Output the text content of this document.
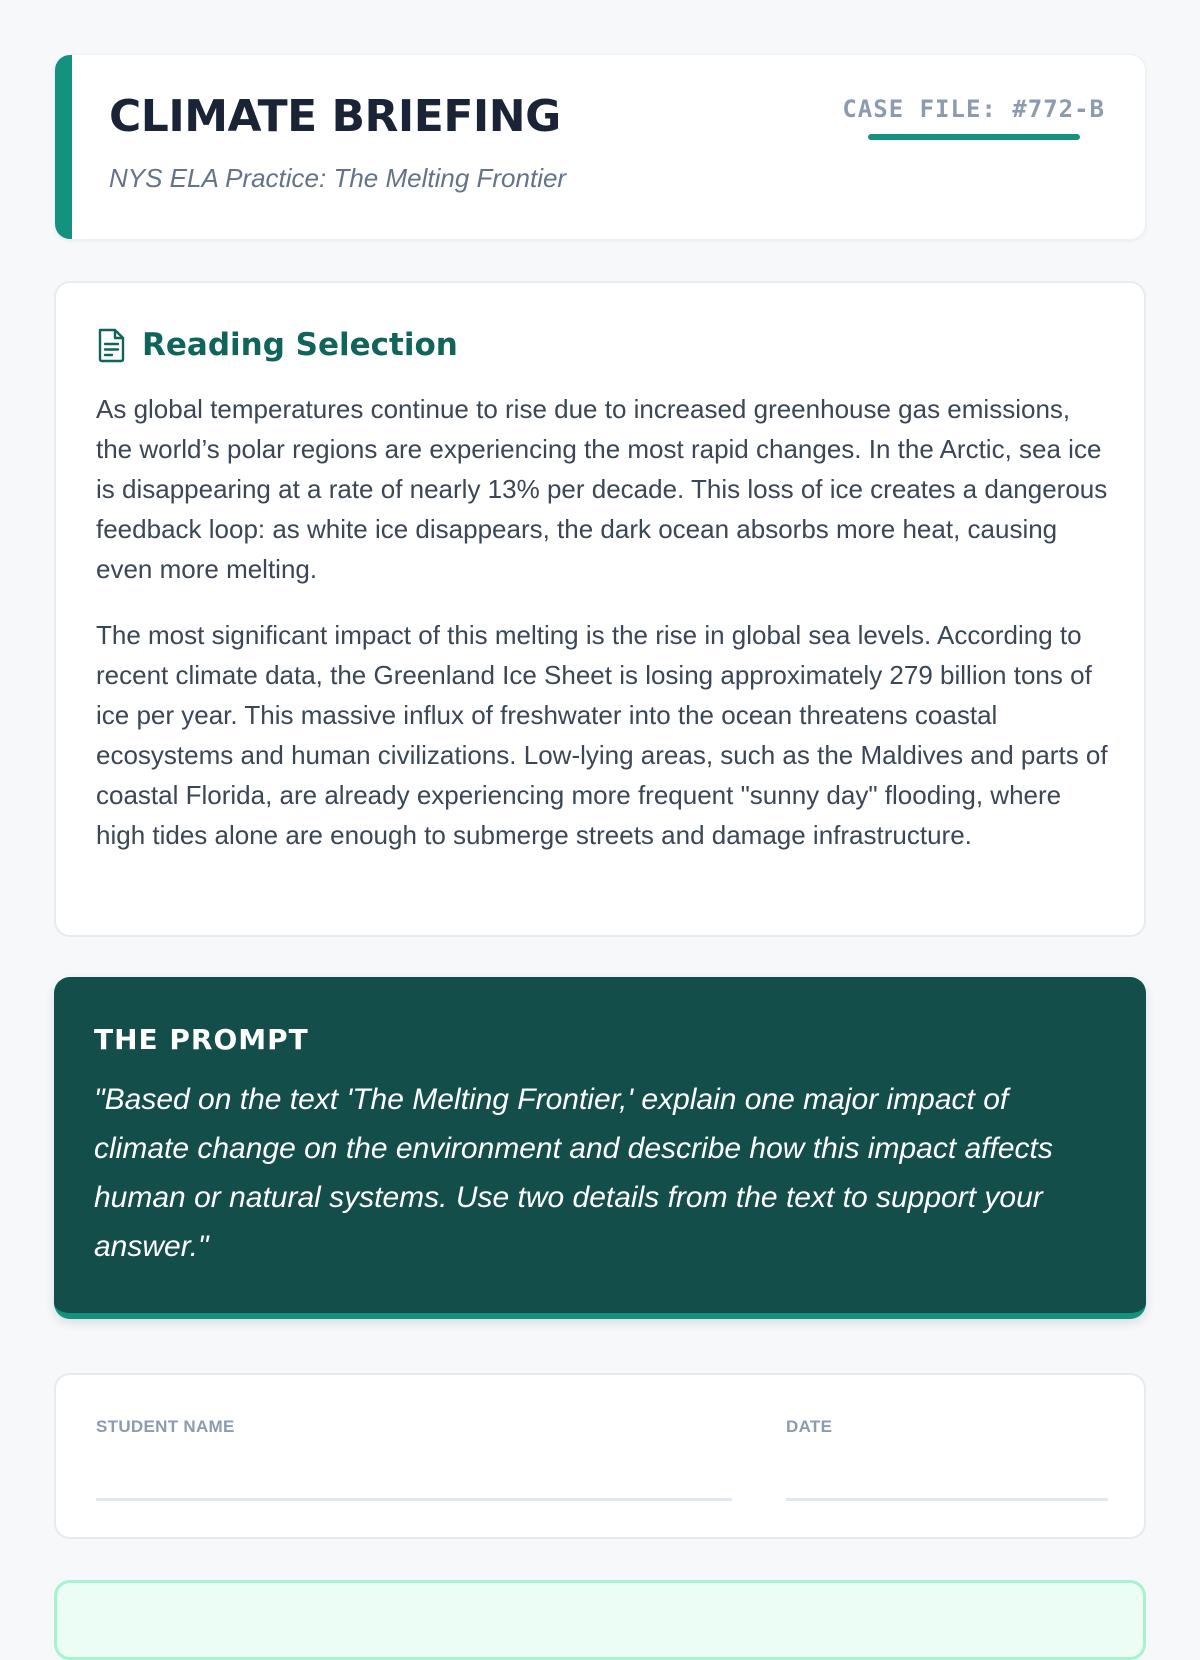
CLIMATE BRIEFING

NYS ELA Practice: The Melting Frontier

CASE FILE: #772-B
Reading Selection

As global temperatures continue to rise due to increased greenhouse gas emissions, the world’s polar regions are experiencing the most rapid changes. In the Arctic, sea ice is disappearing at a rate of nearly 13% per decade. This loss of ice creates a dangerous feedback loop: as white ice disappears, the dark ocean absorbs more heat, causing even more melting.

The most significant impact of this melting is the rise in global sea levels. According to recent climate data, the Greenland Ice Sheet is losing approximately 279 billion tons of ice per year. This massive influx of freshwater into the ocean threatens coastal ecosystems and human civilizations. Low-lying areas, such as the Maldives and parts of coastal Florida, are already experiencing more frequent "sunny day" flooding, where high tides alone are enough to submerge streets and damage infrastructure.

THE PROMPT

"Based on the text 'The Melting Frontier,' explain one major impact of climate change on the environment and describe how this impact affects human or natural systems. Use two details from the text to support your answer."

STUDENT NAME	DATE
